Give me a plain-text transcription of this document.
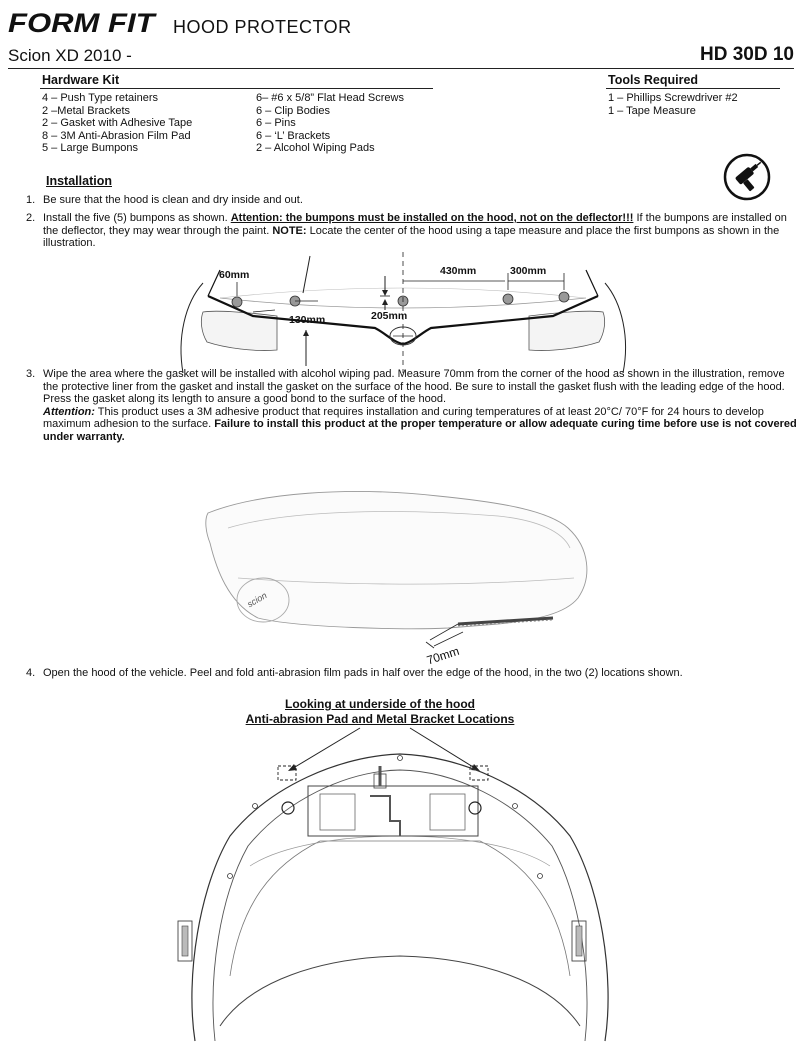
FORM FIT HOOD PROTECTOR
Scion XD 2010 -	HD 30D 10
Hardware Kit
4 – Push Type retainers
2 –Metal Brackets
2 – Gasket with Adhesive Tape
8 – 3M Anti-Abrasion Film Pad
5 – Large Bumpons
6– #6 x 5/8” Flat Head Screws
6 – Clip Bodies
6 – Pins
6 – ‘L’ Brackets
2 – Alcohol Wiping Pads
Tools Required
1 – Phillips Screwdriver #2
1 – Tape Measure
Installation
1. Be sure that the hood is clean and dry inside and out.
2. Install the five (5) bumpons as shown. Attention: the bumpons must be installed on the hood, not on the deflector!!! If the bumpons are installed on the deflector, they may wear through the paint. NOTE: Locate the center of the hood using a tape measure and place the first bumpons as shown in the illustration.
60mm	430mm	300mm
130mm	205mm
3. Wipe the area where the gasket will be installed with alcohol wiping pad. Measure 70mm from the corner of the hood as shown in the illustration, remove the protective liner from the gasket and install the gasket on the surface of the hood. Be sure to install the gasket flush with the leading edge of the hood. Press the gasket along its length to ansure a good bond to the surface of the hood.
Attention: This product uses a 3M adhesive product that requires installation and curing temperatures of at least 20°C/ 70°F for 24 hours to develop maximum adhesion to the surface. Failure to install this product at the proper temperature or allow adequate curing time before use is not covered under warranty.
scion
70mm
4. Open the hood of the vehicle. Peel and fold anti-abrasion film pads in half over the edge of the hood, in the two (2) locations shown.
Looking at underside of the hood
Anti-abrasion Pad and Metal Bracket Locations
